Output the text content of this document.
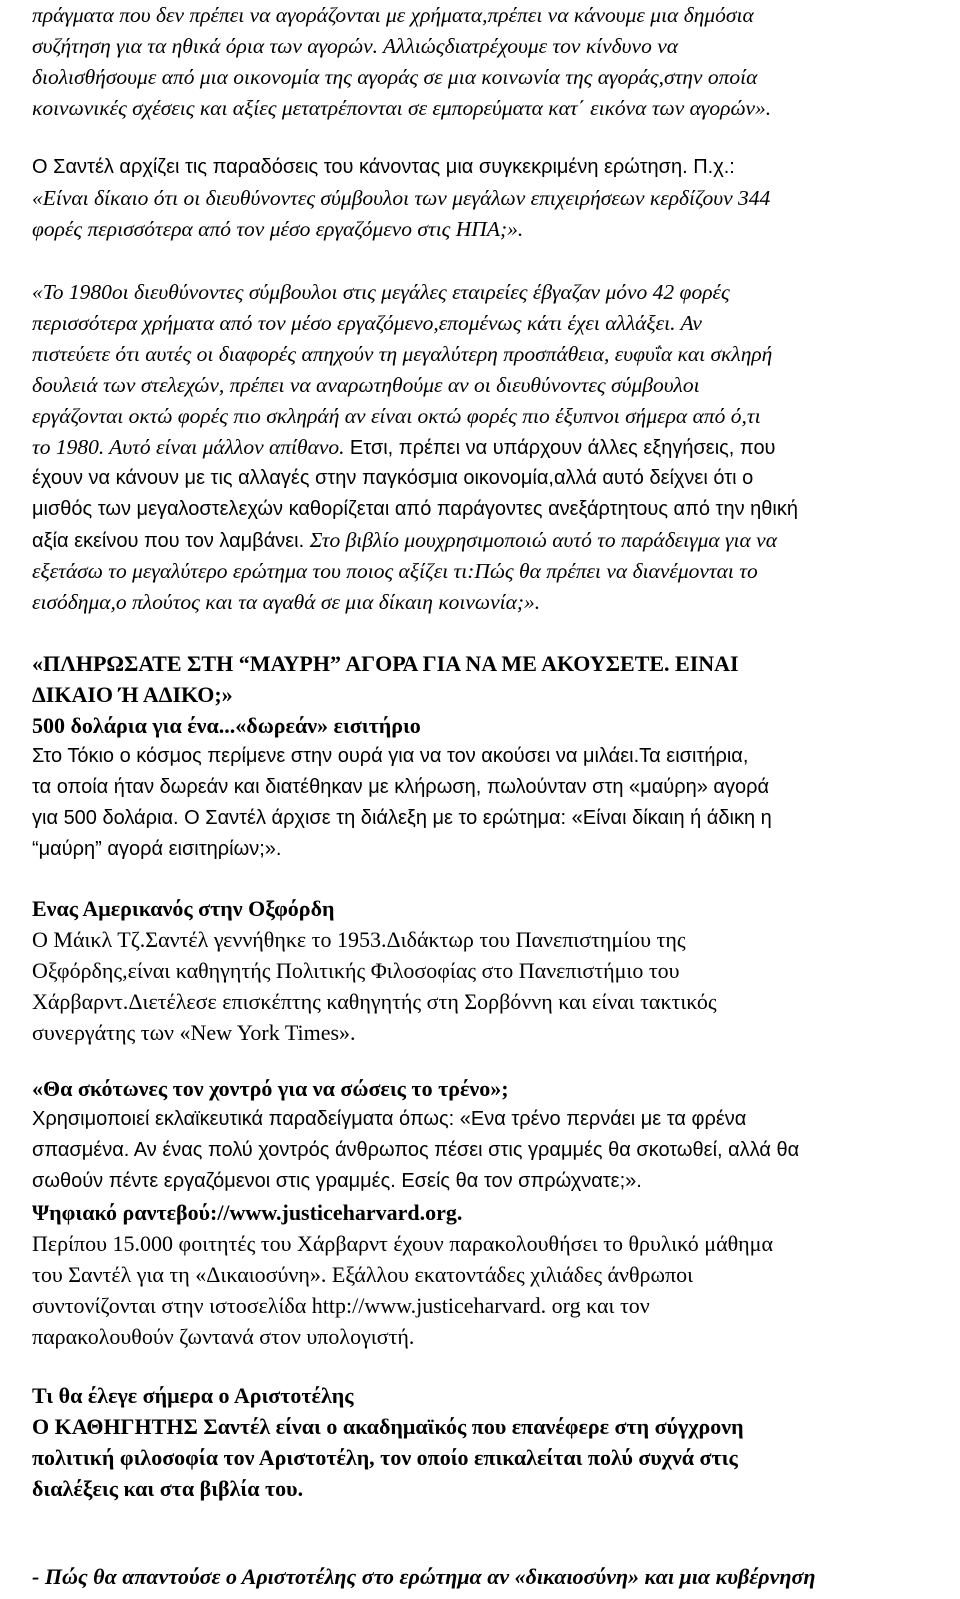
πράγματα που δεν πρέπει να αγοράζονται με χρήματα,πρέπει να κάνουμε μια δημόσια
συζήτηση για τα ηθικά όρια των αγορών. Αλλιώςδιατρέχουμε τον κίνδυνο να
διολισθήσουμε από μια οικονομία της αγοράς σε μια κοινωνία της αγοράς,στην οποία
κοινωνικές σχέσεις και αξίες μετατρέπονται σε εμπορεύματα κατ΄ εικόνα των αγορών».
Ο Σαντέλ αρχίζει τις παραδόσεις του κάνοντας μια συγκεκριμένη ερώτηση. Π.χ.:
«Είναι δίκαιο ότι οι διευθύνοντες σύμβουλοι των μεγάλων επιχειρήσεων κερδίζουν 344
φορές περισσότερα από τον μέσο εργαζόμενο στις ΗΠΑ;».
«Το 1980οι διευθύνοντες σύμβουλοι στις μεγάλες εταιρείες έβγαζαν μόνο 42 φορές
περισσότερα χρήματα από τον μέσο εργαζόμενο,επομένως κάτι έχει αλλάξει. Αν
πιστεύετε ότι αυτές οι διαφορές απηχούν τη μεγαλύτερη προσπάθεια, ευφυΐα και σκληρή
δουλειά των στελεχών, πρέπει να αναρωτηθούμε αν οι διευθύνοντες σύμβουλοι
εργάζονται οκτώ φορές πιο σκληράή αν είναι οκτώ φορές πιο έξυπνοι σήμερα από ό,τι
το 1980. Αυτό είναι μάλλον απίθανο. Ετσι, πρέπει να υπάρχουν άλλες εξηγήσεις, που
έχουν να κάνουν με τις αλλαγές στην παγκόσμια οικονομία,αλλά αυτό δείχνει ότι ο
μισθός των μεγαλοστελεχών καθορίζεται από παράγοντες ανεξάρτητους από την ηθική
αξία εκείνου που τον λαμβάνει. Στο βιβλίο μουχρησιμοποιώ αυτό το παράδειγμα για να
εξετάσω το μεγαλύτερο ερώτημα του ποιος αξίζει τι:Πώς θα πρέπει να διανέμονται το
εισόδημα,ο πλούτος και τα αγαθά σε μια δίκαιη κοινωνία;».
«ΠΛΗΡΩΣΑΤΕ ΣΤΗ “ΜΑΥΡΗ” ΑΓΟΡΑ ΓΙΑ ΝΑ ΜΕ ΑΚΟΥΣΕΤΕ. ΕΙΝΑΙ
ΔΙΚΑΙΟ Ή ΑΔΙΚΟ;»
500 δολάρια για ένα...«δωρεάν» εισιτήριο
Στο Τόκιο ο κόσμος περίμενε στην ουρά για να τον ακούσει να μιλάει.Τα εισιτήρια,
τα οποία ήταν δωρεάν και διατέθηκαν με κλήρωση, πωλούνταν στη «μαύρη» αγορά
για 500 δολάρια. Ο Σαντέλ άρχισε τη διάλεξη με το ερώτημα: «Είναι δίκαιη ή άδικη η
“μαύρη” αγορά εισιτηρίων;».
Ενας Αμερικανός στην Οξφόρδη
Ο Μάικλ Τζ.Σαντέλ γεννήθηκε το 1953.Διδάκτωρ του Πανεπιστημίου της
Οξφόρδης,είναι καθηγητής Πολιτικής Φιλοσοφίας στο Πανεπιστήμιο του
Χάρβαρντ.Διετέλεσε επισκέπτης καθηγητής στη Σορβόννη και είναι τακτικός
συνεργάτης των «New York Times».
«Θα σκότωνες τον χοντρό για να σώσεις το τρένο»;
Χρησιμοποιεί εκλαϊκευτικά παραδείγματα όπως: «Ενα τρένο περνάει με τα φρένα
σπασμένα. Αν ένας πολύ χοντρός άνθρωπος πέσει στις γραμμές θα σκοτωθεί, αλλά θα
σωθούν πέντε εργαζόμενοι στις γραμμές. Εσείς θα τον σπρώχνατε;».
Ψηφιακό ραντεβού://www.justiceharvard.org.
Περίπου 15.000 φοιτητές του Χάρβαρντ έχουν παρακολουθήσει το θρυλικό μάθημα
του Σαντέλ για τη «Δικαιοσύνη». Εξάλλου εκατοντάδες χιλιάδες άνθρωποι
συντονίζονται στην ιστοσελίδα http://www.justiceharvard. org και τον
παρακολουθούν ζωντανά στον υπολογιστή.
Τι θα έλεγε σήμερα ο Αριστοτέλης
Ο ΚΑΘΗΓΗΤΗΣ Σαντέλ είναι ο ακαδημαϊκός που επανέφερε στη σύγχρονη
πολιτική φιλοσοφία τον Αριστοτέλη, τον οποίο επικαλείται πολύ συχνά στις
διαλέξεις και στα βιβλία του.
- Πώς θα απαντούσε ο Αριστοτέλης στο ερώτημα αν «δικαιοσύνη» και μια κυβέρνηση
